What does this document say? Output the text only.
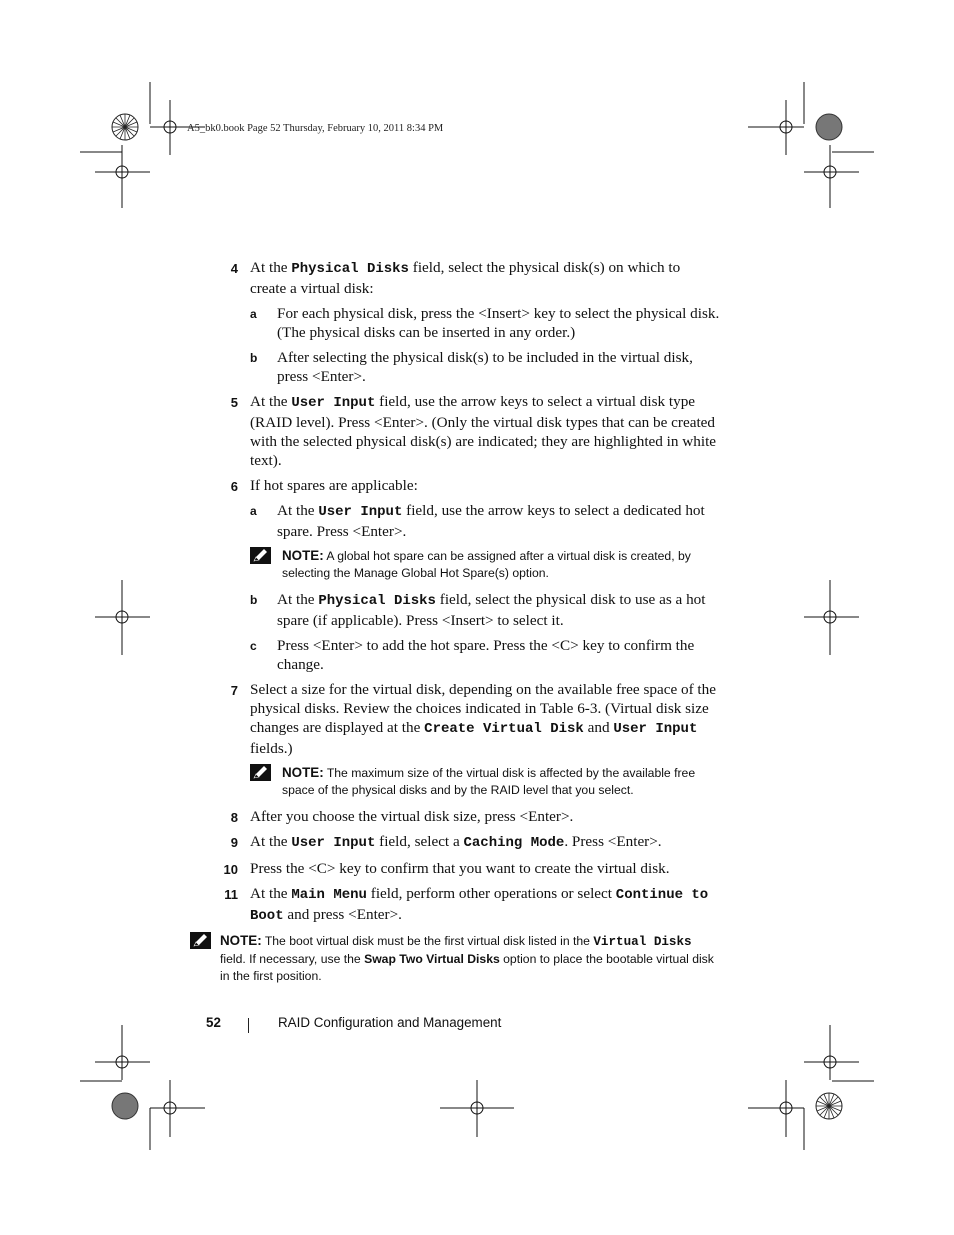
A5_bk0.book Page 52 Thursday, February 10, 2011 8:34 PM
4 At the Physical Disks field, select the physical disk(s) on which to create a virtual disk:
a For each physical disk, press the <Insert> key to select the physical disk. (The physical disks can be inserted in any order.)
b After selecting the physical disk(s) to be included in the virtual disk, press <Enter>.
5 At the User Input field, use the arrow keys to select a virtual disk type (RAID level). Press <Enter>. (Only the virtual disk types that can be created with the selected physical disk(s) are indicated; they are highlighted in white text).
6 If hot spares are applicable:
a At the User Input field, use the arrow keys to select a dedicated hot spare. Press <Enter>.
NOTE: A global hot spare can be assigned after a virtual disk is created, by selecting the Manage Global Hot Spare(s) option.
b At the Physical Disks field, select the physical disk to use as a hot spare (if applicable). Press <Insert> to select it.
c Press <Enter> to add the hot spare. Press the <C> key to confirm the change.
7 Select a size for the virtual disk, depending on the available free space of the physical disks. Review the choices indicated in Table 6-3. (Virtual disk size changes are displayed at the Create Virtual Disk and User Input fields.)
NOTE: The maximum size of the virtual disk is affected by the available free space of the physical disks and by the RAID level that you select.
8 After you choose the virtual disk size, press <Enter>.
9 At the User Input field, select a Caching Mode. Press <Enter>.
10 Press the <C> key to confirm that you want to create the virtual disk.
11 At the Main Menu field, perform other operations or select Continue to Boot and press <Enter>.
NOTE: The boot virtual disk must be the first virtual disk listed in the Virtual Disks field. If necessary, use the Swap Two Virtual Disks option to place the bootable virtual disk in the first position.
52	RAID Configuration and Management
